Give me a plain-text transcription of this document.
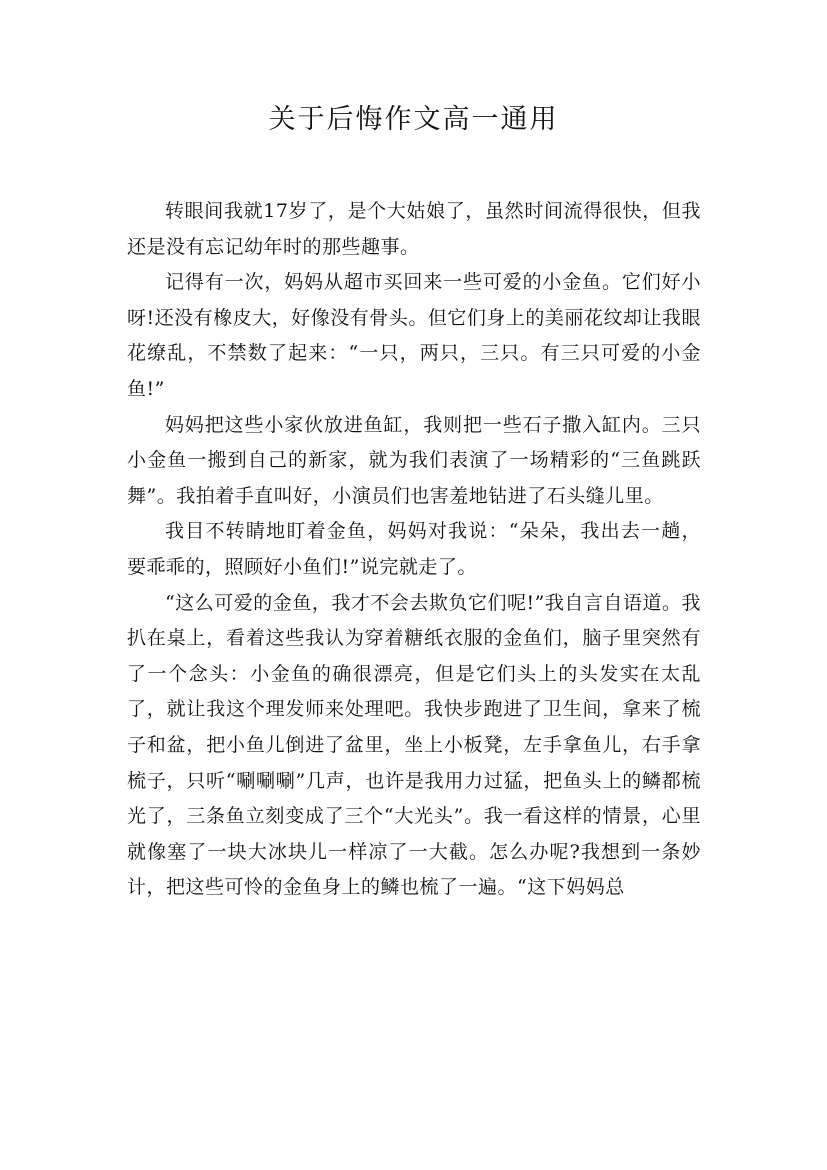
关于后悔作文高一通用

转眼间我就17岁了，是个大姑娘了，虽然时间流得很快，但我还是没有忘记幼年时的那些趣事。

记得有一次，妈妈从超市买回来一些可爱的小金鱼。它们好小呀!还没有橡皮大，好像没有骨头。但它们身上的美丽花纹却让我眼花缭乱，不禁数了起来：“一只，两只，三只。有三只可爱的小金鱼!”

妈妈把这些小家伙放进鱼缸，我则把一些石子撒入缸内。三只小金鱼一搬到自己的新家，就为我们表演了一场精彩的“三鱼跳跃舞”。我拍着手直叫好，小演员们也害羞地钻进了石头缝儿里。

我目不转睛地盯着金鱼，妈妈对我说：“朵朵，我出去一趟，要乖乖的，照顾好小鱼们!”说完就走了。

“这么可爱的金鱼，我才不会去欺负它们呢!”我自言自语道。我扒在桌上，看着这些我认为穿着糖纸衣服的金鱼们，脑子里突然有了一个念头：小金鱼的确很漂亮，但是它们头上的头发实在太乱了，就让我这个理发师来处理吧。我快步跑进了卫生间，拿来了梳子和盆，把小鱼儿倒进了盆里，坐上小板凳，左手拿鱼儿，右手拿梳子，只听“唰唰唰”几声，也许是我用力过猛，把鱼头上的鳞都梳光了，三条鱼立刻变成了三个“大光头”。我一看这样的情景，心里就像塞了一块大冰块儿一样凉了一大截。怎么办呢?我想到一条妙计，把这些可怜的金鱼身上的鳞也梳了一遍。“这下妈妈总
